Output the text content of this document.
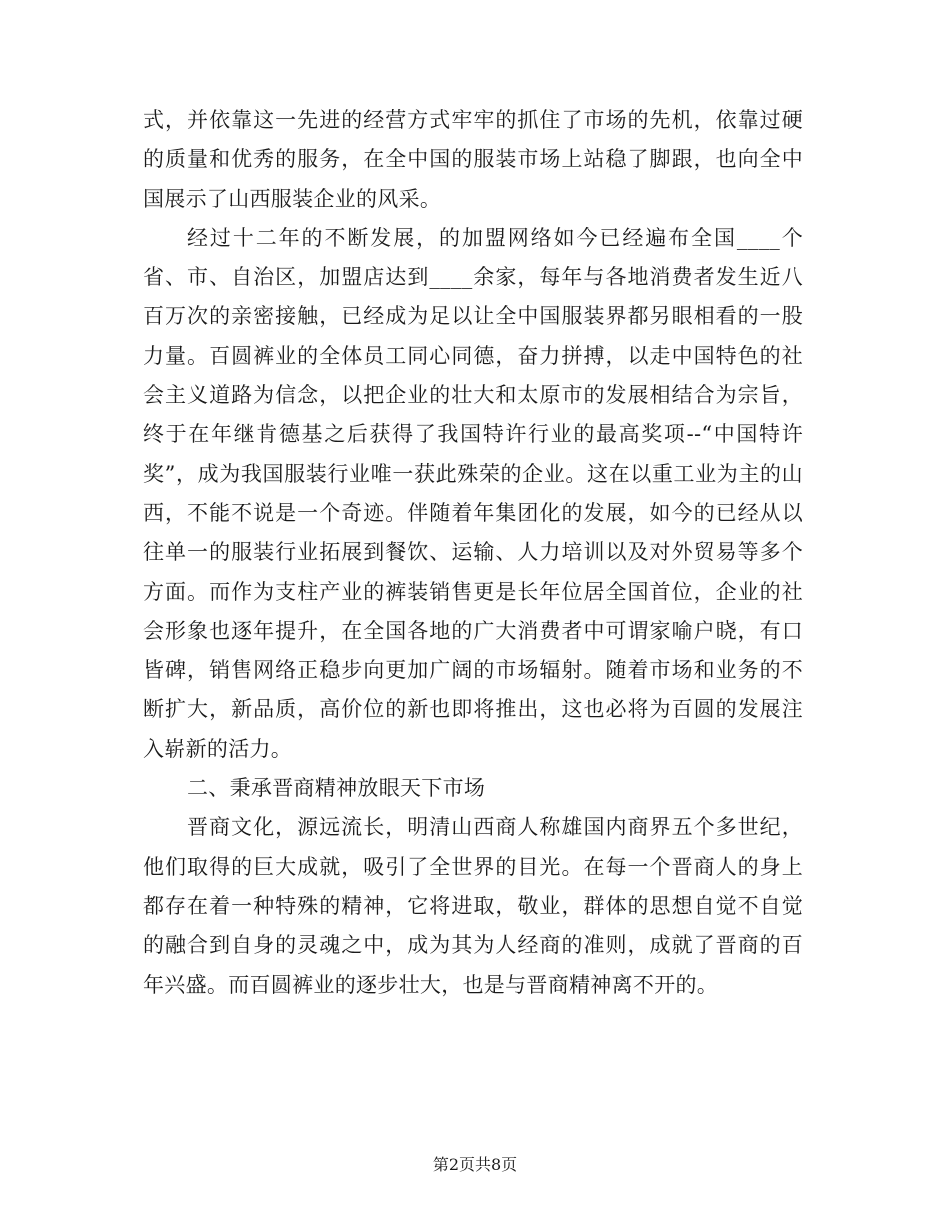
式，并依靠这一先进的经营方式牢牢的抓住了市场的先机，依靠过硬的质量和优秀的服务，在全中国的服装市场上站稳了脚跟，也向全中国展示了山西服装企业的风采。

经过十二年的不断发展，的加盟网络如今已经遍布全国____个省、市、自治区，加盟店达到____余家，每年与各地消费者发生近八百万次的亲密接触，已经成为足以让全中国服装界都另眼相看的一股力量。百圆裤业的全体员工同心同德，奋力拼搏，以走中国特色的社会主义道路为信念，以把企业的壮大和太原市的发展相结合为宗旨，终于在年继肯德基之后获得了我国特许行业的最高奖项--“中国特许奖”，成为我国服装行业唯一获此殊荣的企业。这在以重工业为主的山西，不能不说是一个奇迹。伴随着年集团化的发展，如今的已经从以往单一的服装行业拓展到餐饮、运输、人力培训以及对外贸易等多个方面。而作为支柱产业的裤装销售更是长年位居全国首位，企业的社会形象也逐年提升，在全国各地的广大消费者中可谓家喻户晓，有口皆碑，销售网络正稳步向更加广阔的市场辐射。随着市场和业务的不断扩大，新品质，高价位的新也即将推出，这也必将为百圆的发展注入崭新的活力。

二、秉承晋商精神放眼天下市场

晋商文化，源远流长，明清山西商人称雄国内商界五个多世纪，他们取得的巨大成就，吸引了全世界的目光。在每一个晋商人的身上都存在着一种特殊的精神，它将进取，敬业，群体的思想自觉不自觉的融合到自身的灵魂之中，成为其为人经商的准则，成就了晋商的百年兴盛。而百圆裤业的逐步壮大，也是与晋商精神离不开的。

第2页共8页
